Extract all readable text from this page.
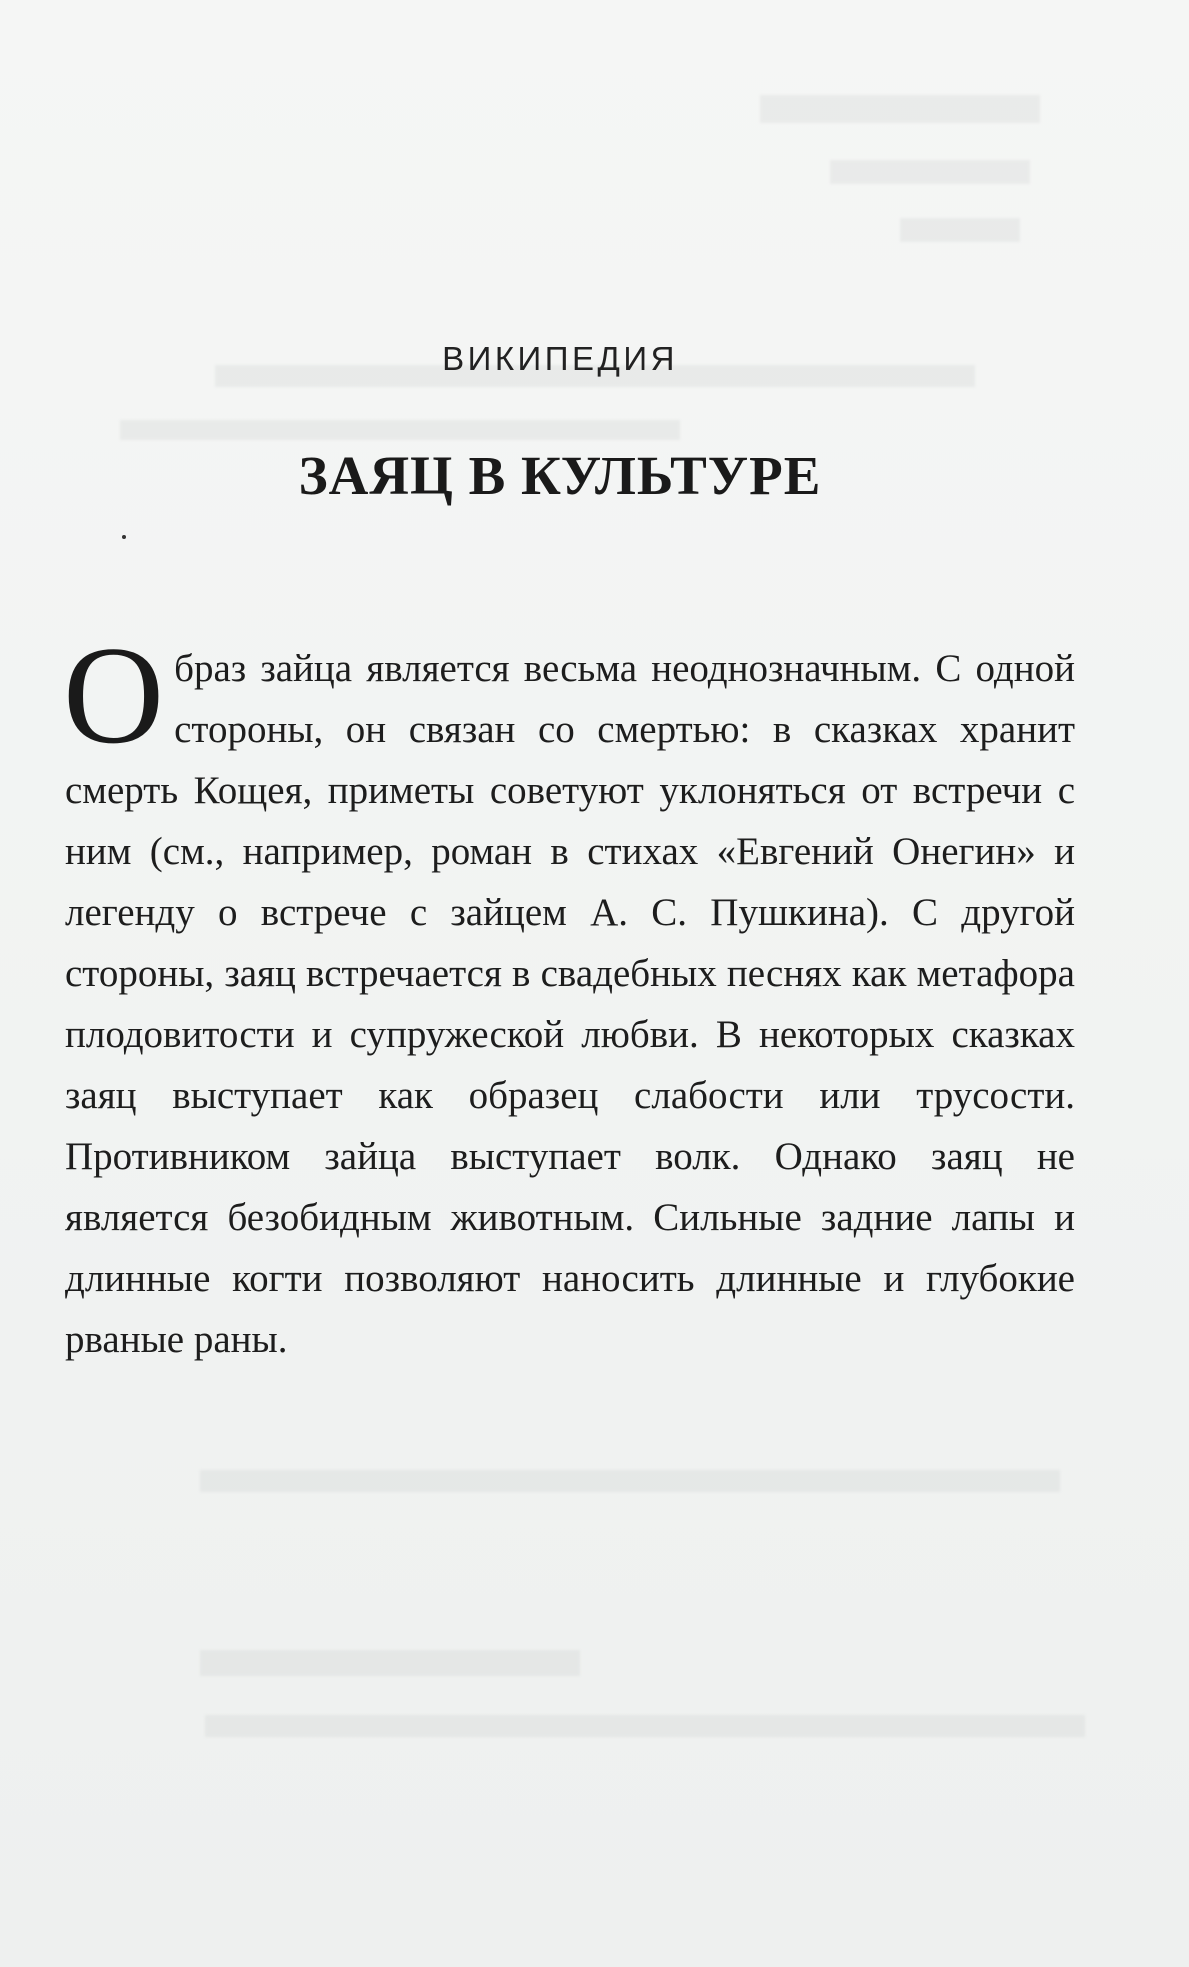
ВИКИПЕДИЯ
ЗАЯЦ В КУЛЬТУРЕ

О браз зайца является весьма неоднозначным. С одной стороны, он связан со смертью: в сказках хранит смерть Кощея, приметы советуют уклоняться от встречи с ним (см., например, роман в стихах «Евгений Онегин» и легенду о встрече с зайцем А. С. Пушкина). С другой стороны, заяц встречается в свадебных песнях как метафора плодовитости и супружеской любви. В некоторых сказках заяц выступает как образец слабости или трусости. Противником зайца выступает волк. Однако заяц не является безобидным животным. Сильные задние лапы и длинные когти позволяют наносить длинные и глубокие рваные раны.
